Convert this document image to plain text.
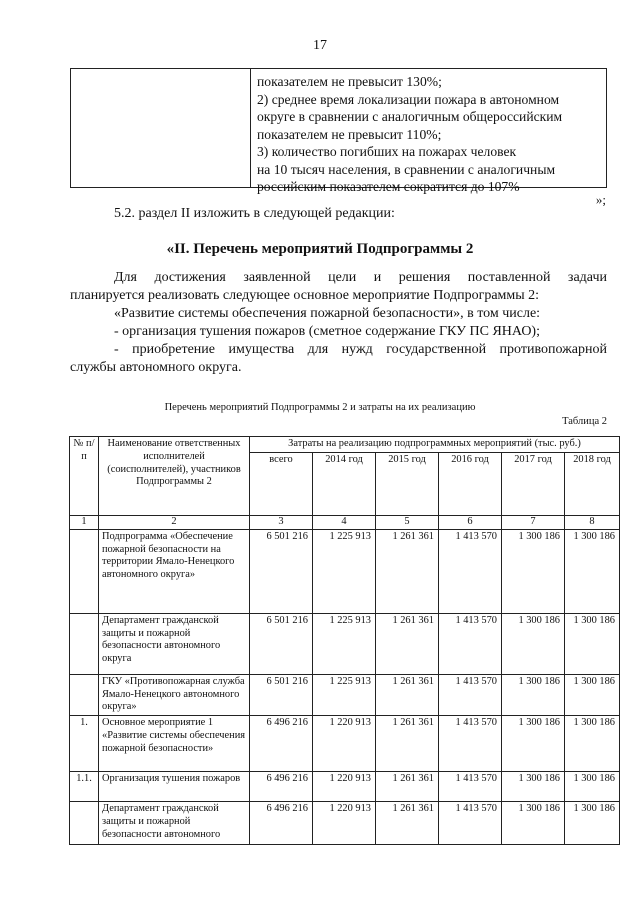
17
показателем не превысит 130%;
2) среднее время локализации пожара в автономном
округе в сравнении с аналогичным общероссийским
показателем не превысит 110%;
3) количество погибших на пожарах человек
на 10 тысяч населения, в сравнении с аналогичным
российским показателем сократится до 107%
»;
5.2. раздел II изложить в следующей редакции:
«II. Перечень мероприятий Подпрограммы 2

Для достижения заявленной цели и решения поставленной задачи

планируется реализовать следующее основное мероприятие Подпрограммы 2:

«Развитие системы обеспечения пожарной безопасности», в том числе:

- организация тушения пожаров (сметное содержание ГКУ ПС ЯНАО);

- приобретение имущества для нужд государственной противопожарной

службы автономного округа.

Перечень мероприятий Подпрограммы 2 и затраты на их реализацию
Таблица 2
№ п/п	Наименование ответственных исполнителей (соисполнителей), участников Подпрограммы 2	Затраты на реализацию подпрограммных мероприятий (тыс. руб.)					
		всего	2014 год	2015 год	2016 год	2017 год	2018 год
1	2	3	4	5	6	7	8
	Подпрограмма «Обеспечение пожарной безопасности на территории Ямало-Ненецкого автономного округа»	6 501 216	1 225 913	1 261 361	1 413 570	1 300 186	1 300 186
	Департамент гражданской защиты и пожарной безопасности автономного округа	6 501 216	1 225 913	1 261 361	1 413 570	1 300 186	1 300 186
	ГКУ «Противопожарная служба Ямало-Ненецкого автономного округа»	6 501 216	1 225 913	1 261 361	1 413 570	1 300 186	1 300 186
1.	Основное мероприятие 1 «Развитие системы обеспечения пожарной безопасности»	6 496 216	1 220 913	1 261 361	1 413 570	1 300 186	1 300 186
1.1.	Организация тушения пожаров	6 496 216	1 220 913	1 261 361	1 413 570	1 300 186	1 300 186
	Департамент гражданской защиты и пожарной безопасности автономного	6 496 216	1 220 913	1 261 361	1 413 570	1 300 186	1 300 186
